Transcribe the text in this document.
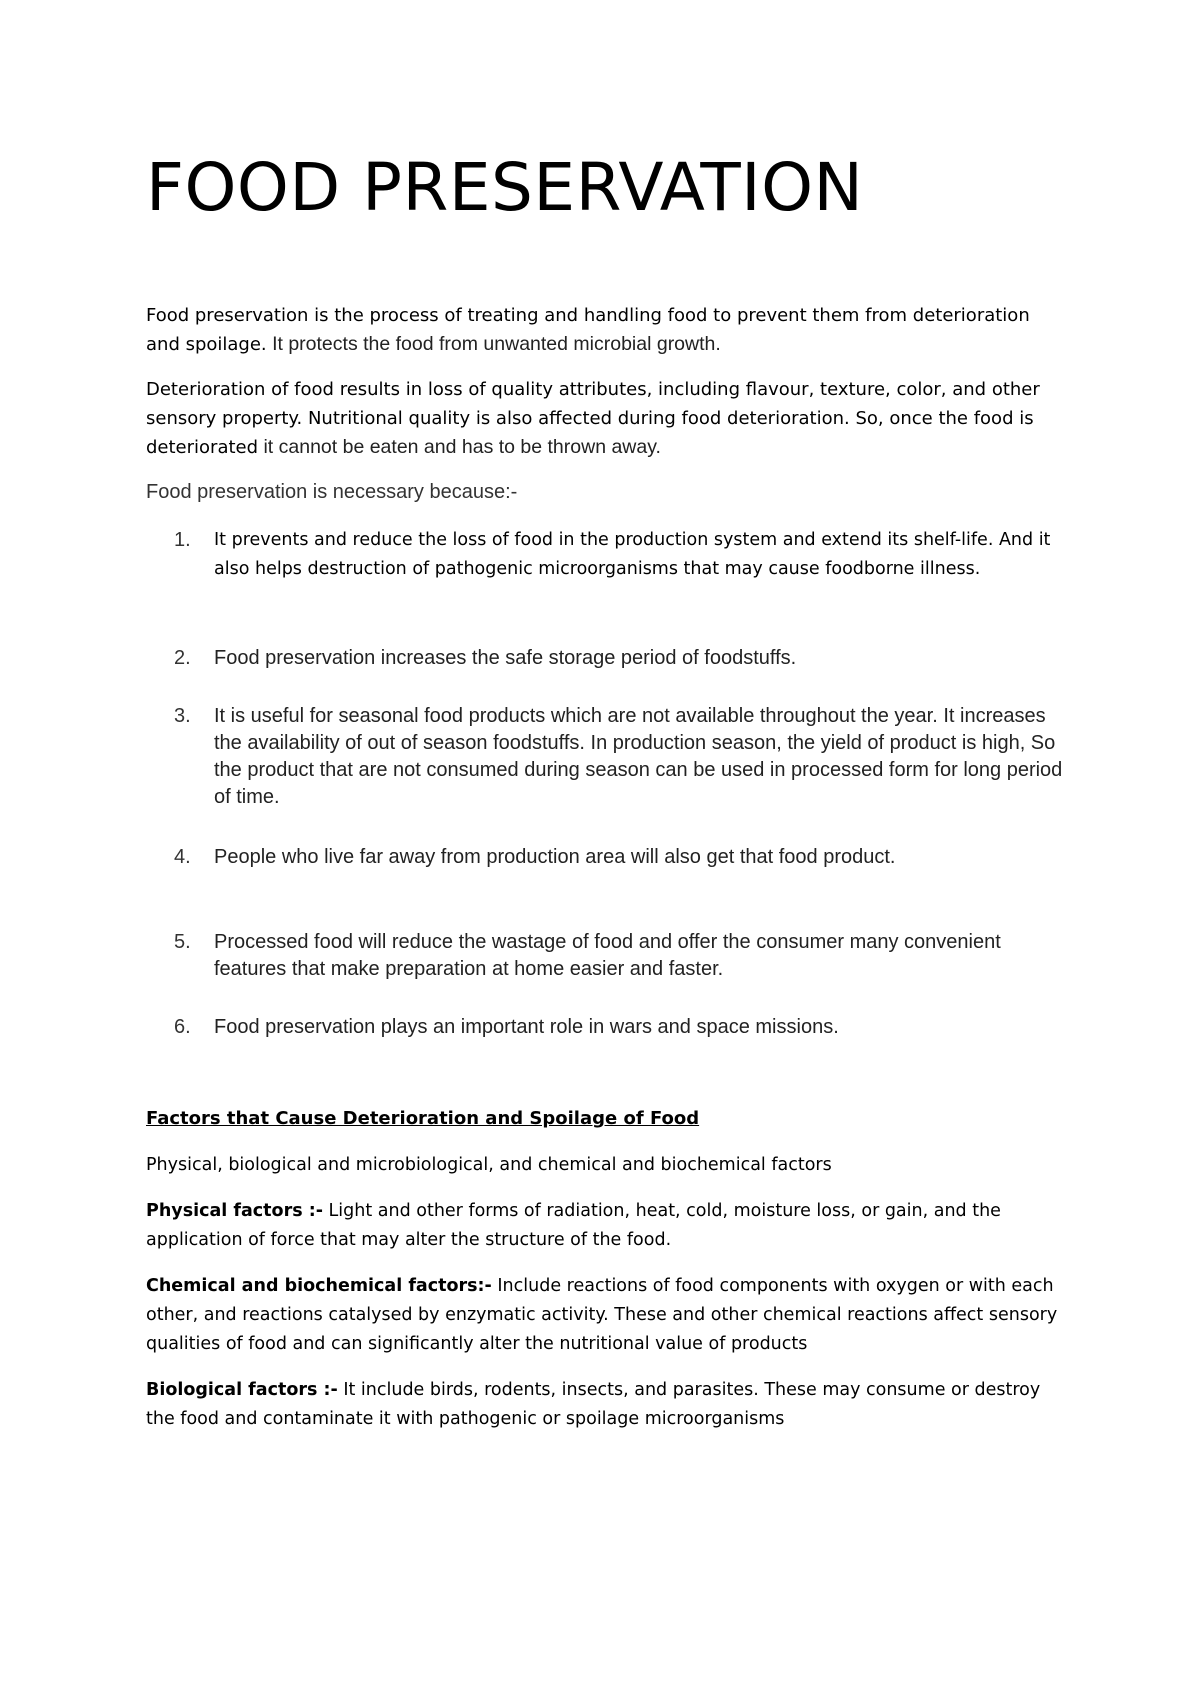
FOOD PRESERVATION

Food preservation is the process of treating and handling food to prevent them from deterioration and spoilage. It protects the food from unwanted microbial growth.

Deterioration of food results in loss of quality attributes, including flavour, texture, color, and other sensory property. Nutritional quality is also affected during food deterioration. So, once the food is deteriorated it cannot be eaten and has to be thrown away.

Food preservation is necessary because:-

1.	It prevents and reduce the loss of food in the production system and extend its shelf-life. And it also helps destruction of pathogenic microorganisms that may cause foodborne illness.

2.	Food preservation increases the safe storage period of foodstuffs.

3.	It is useful for seasonal food products which are not available throughout the year. It increases the availability of out of season foodstuffs. In production season, the yield of product is high, So the product that are not consumed during season can be used in processed form for long period of time.

4.	People who live far away from production area will also get that food product.

5.	Processed food will reduce the wastage of food and offer the consumer many convenient features that make preparation at home easier and faster.

6.	Food preservation plays an important role in wars and space missions.

Factors that Cause Deterioration and Spoilage of Food

Physical, biological and microbiological, and chemical and biochemical factors

Physical factors :- Light and other forms of radiation, heat, cold, moisture loss, or gain, and the application of force that may alter the structure of the food.

Chemical and biochemical factors:- Include reactions of food components with oxygen or with each other, and reactions catalysed by enzymatic activity. These and other chemical reactions affect sensory qualities of food and can significantly alter the nutritional value of products

Biological factors :- It include birds, rodents, insects, and parasites. These may consume or destroy the food and contaminate it with pathogenic or spoilage microorganisms
